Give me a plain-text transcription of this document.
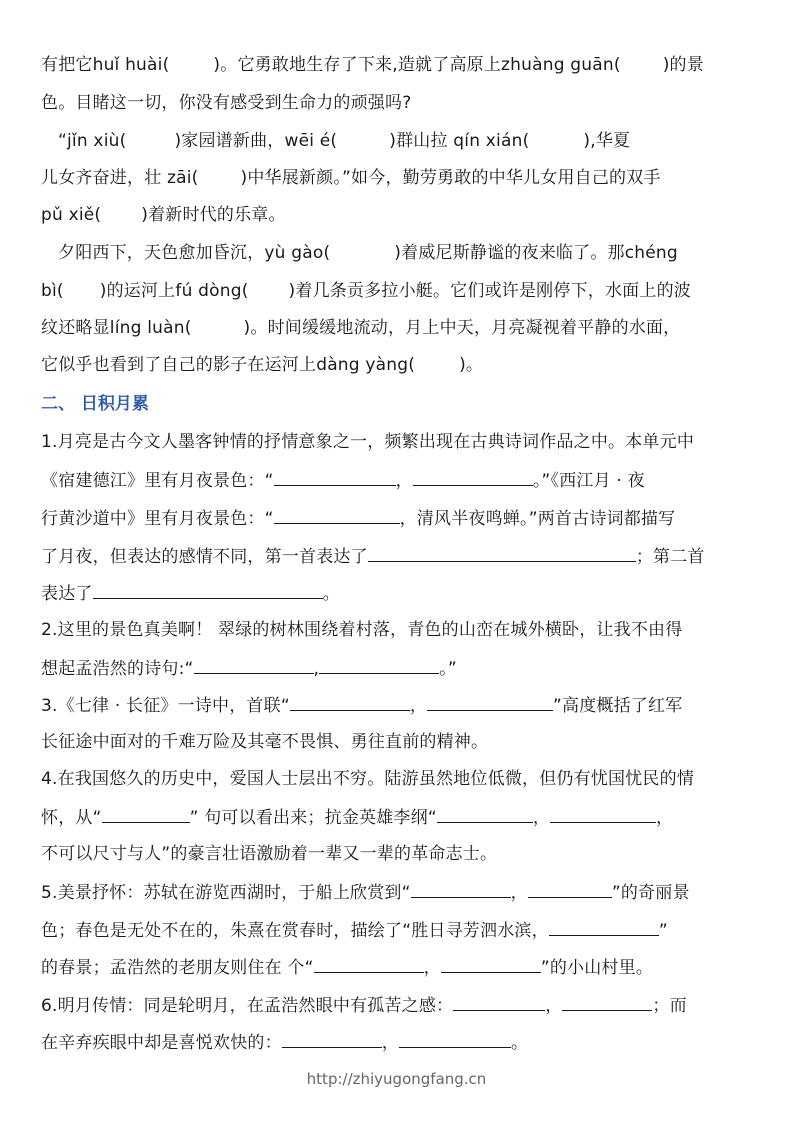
有把它huǐ huài(	)。它勇敢地生存了下来,造就了高原上zhuàng guān( )的景
色。目睹这一切，你没有感受到生命力的顽强吗?
“jǐn xiù(	)家园谱新曲，wēi é(	)群山拉 qín xián(	),华夏
儿女齐奋进，壮 zāi( )中华展新颜。”如今，勤劳勇敢的中华儿女用自己的双手
pǔ xiě( )着新时代的乐章。
夕阳西下，天色愈加昏沉，yù gào(	)着威尼斯静谧的夜来临了。那chéng
bì( )的运河上fú dòng( )着几条贡多拉小艇。它们或许是刚停下，水面上的波
纹还略显líng luàn(	)。时间缓缓地流动，月上中天，月亮凝视着平静的水面，
它似乎也看到了自己的影子在运河上dàng yàng(	)。
二、 日积月累
1.月亮是古今文人墨客钟情的抒情意象之一，频繁出现在古典诗词作品之中。本单元中
《宿建德江》里有月夜景色：“	，	。”《西江月 · 夜
行黄沙道中》里有月夜景色：“	，清风半夜鸣蝉。”两首古诗词都描写
了月夜，但表达的感情不同，第一首表达了	；第二首
表达了	。
2.这里的景色真美啊！ 翠绿的树林围绕着村落，青色的山峦在城外横卧，让我不由得
想起孟浩然的诗句:“	,	。”
3.《七律 · 长征》一诗中，首联“	，	”高度概括了红军
长征途中面对的千难万险及其毫不畏惧、勇往直前的精神。
4.在我国悠久的历史中，爱国人士层出不穷。陆游虽然地位低微，但仍有忧国忧民的情
怀，从“	” 句可以看出来；抗金英雄李纲“	，	，
不可以尺寸与人”的豪言壮语激励着一辈又一辈的革命志士。
5.美景抒怀：苏轼在游览西湖时，于船上欣赏到“	，	”的奇丽景
色；春色是无处不在的，朱熹在赏春时，描绘了“胜日寻芳泗水滨，	”
的春景；孟浩然的老朋友则住在 个“	，	”的小山村里。
6.明月传情：同是轮明月，在孟浩然眼中有孤苦之感：	，	；而
在辛弃疾眼中却是喜悦欢快的：	，	。
http://zhiyugongfang.cn
